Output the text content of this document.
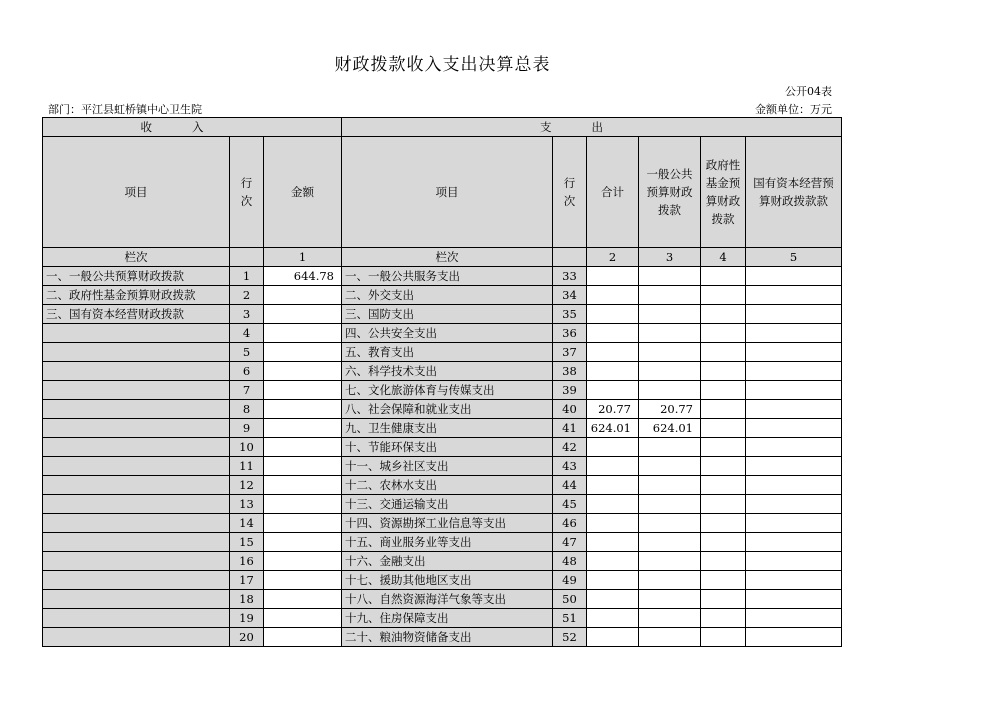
财政拨款收入支出决算总表
公开04表
部门：平江县虹桥镇中心卫生院	金额单位：万元
收入			支出					
项目	行次	金额	项目	行次	合计	一般公共预算财政拨款	政府性基金预算财政拨款	国有资本经营预算财政拨款款

栏次		1	栏次		2	3	4	5
一、一般公共预算财政拨款	1	644.78	一、一般公共服务支出	33				
二、政府性基金预算财政拨款	2		二、外交支出	34				
三、国有资本经营财政拨款	3		三、国防支出	35				
	4		四、公共安全支出	36				
	5		五、教育支出	37				
	6		六、科学技术支出	38				
	7		七、文化旅游体育与传媒支出	39				
	8		八、社会保障和就业支出	40	20.77	20.77		
	9		九、卫生健康支出	41	624.01	624.01		
	10		十、节能环保支出	42				
	11		十一、城乡社区支出	43				
	12		十二、农林水支出	44				
	13		十三、交通运输支出	45				
	14		十四、资源勘探工业信息等支出	46				
	15		十五、商业服务业等支出	47				
	16		十六、金融支出	48				
	17		十七、援助其他地区支出	49				
	18		十八、自然资源海洋气象等支出	50				
	19		十九、住房保障支出	51				
	20		二十、粮油物资储备支出	52				
